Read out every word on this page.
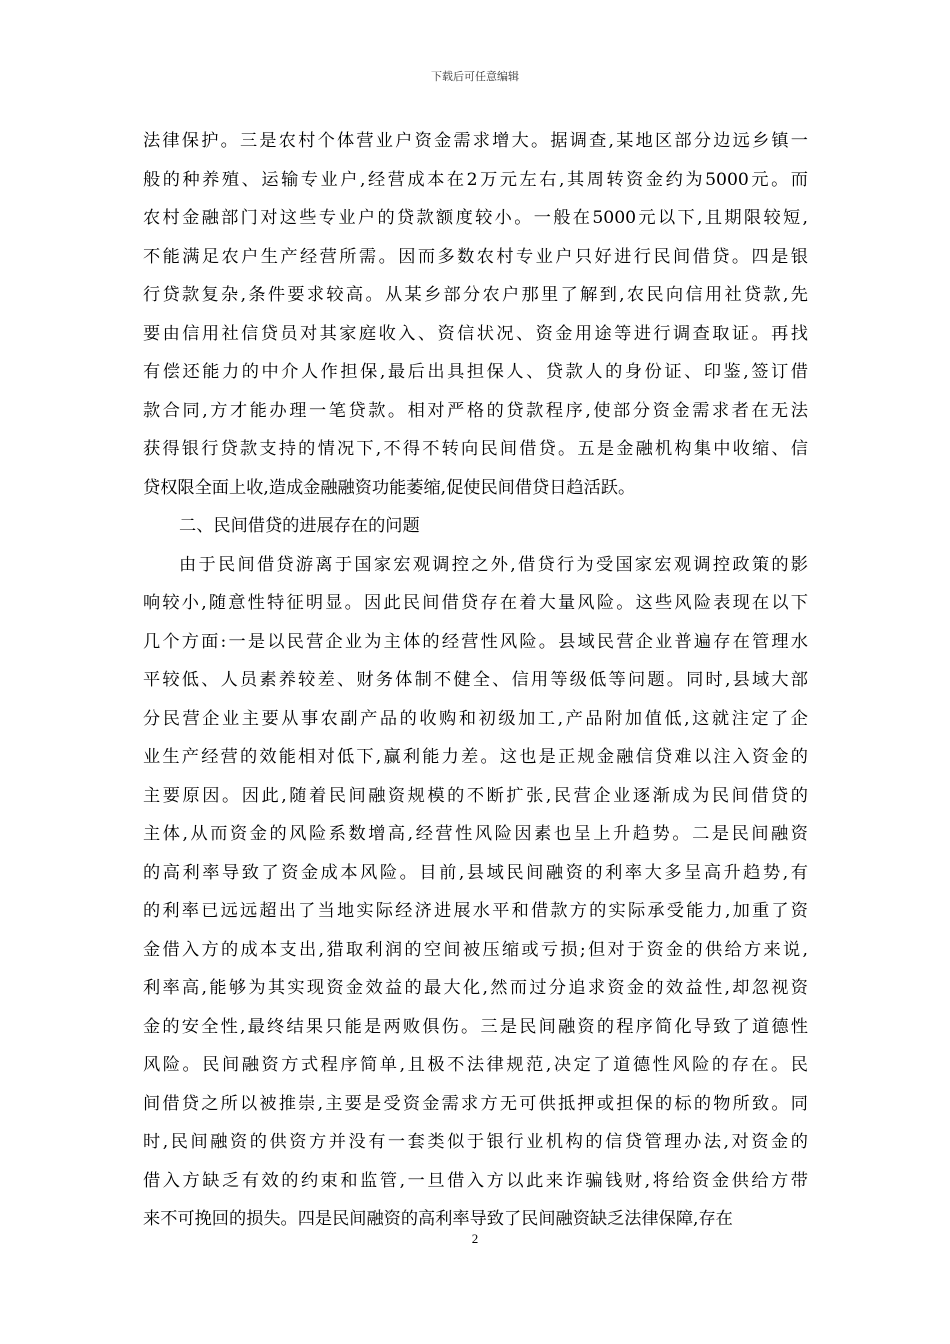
下载后可任意编辑
法律保护。三是农村个体营业户资金需求增大。据调查,某地区部分边远乡镇一
般的种养殖、运输专业户,经营成本在2万元左右,其周转资金约为5000元。而
农村金融部门对这些专业户的贷款额度较小。一般在5000元以下,且期限较短,
不能满足农户生产经营所需。因而多数农村专业户只好进行民间借贷。四是银
行贷款复杂,条件要求较高。从某乡部分农户那里了解到,农民向信用社贷款,先
要由信用社信贷员对其家庭收入、资信状况、资金用途等进行调查取证。再找
有偿还能力的中介人作担保,最后出具担保人、贷款人的身份证、印鉴,签订借
款合同,方才能办理一笔贷款。相对严格的贷款程序,使部分资金需求者在无法
获得银行贷款支持的情况下,不得不转向民间借贷。五是金融机构集中收缩、信
贷权限全面上收,造成金融融资功能萎缩,促使民间借贷日趋活跃。
二、民间借贷的进展存在的问题
由于民间借贷游离于国家宏观调控之外,借贷行为受国家宏观调控政策的影
响较小,随意性特征明显。因此民间借贷存在着大量风险。这些风险表现在以下
几个方面:一是以民营企业为主体的经营性风险。县域民营企业普遍存在管理水
平较低、人员素养较差、财务体制不健全、信用等级低等问题。同时,县域大部
分民营企业主要从事农副产品的收购和初级加工,产品附加值低,这就注定了企
业生产经营的效能相对低下,赢利能力差。这也是正规金融信贷难以注入资金的
主要原因。因此,随着民间融资规模的不断扩张,民营企业逐渐成为民间借贷的
主体,从而资金的风险系数增高,经营性风险因素也呈上升趋势。二是民间融资
的高利率导致了资金成本风险。目前,县域民间融资的利率大多呈高升趋势,有
的利率已远远超出了当地实际经济进展水平和借款方的实际承受能力,加重了资
金借入方的成本支出,猎取利润的空间被压缩或亏损;但对于资金的供给方来说,
利率高,能够为其实现资金效益的最大化,然而过分追求资金的效益性,却忽视资
金的安全性,最终结果只能是两败俱伤。三是民间融资的程序简化导致了道德性
风险。民间融资方式程序简单,且极不法律规范,决定了道德性风险的存在。民
间借贷之所以被推崇,主要是受资金需求方无可供抵押或担保的标的物所致。同
时,民间融资的供资方并没有一套类似于银行业机构的信贷管理办法,对资金的
借入方缺乏有效的约束和监管,一旦借入方以此来诈骗钱财,将给资金供给方带
来不可挽回的损失。四是民间融资的高利率导致了民间融资缺乏法律保障,存在
2
